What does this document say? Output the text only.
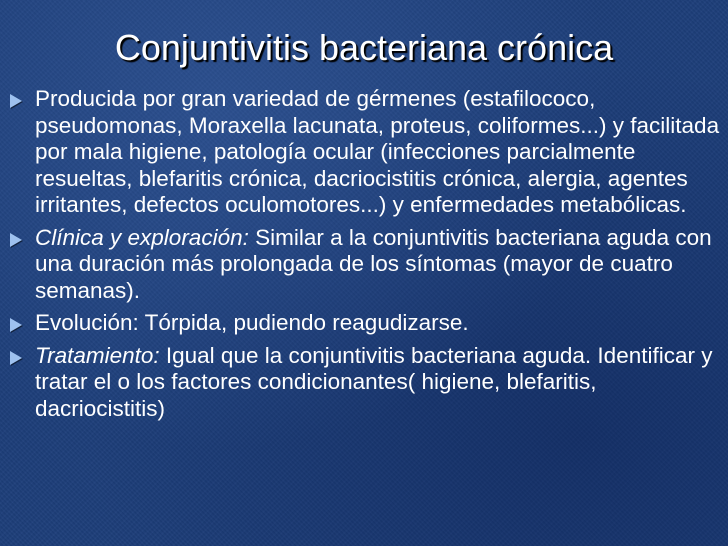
Conjuntivitis bacteriana crónica
Producida por gran variedad de gérmenes (estafilococo, pseudomonas, Moraxella lacunata, proteus, coliformes...) y facilitada por mala higiene, patología ocular (infecciones parcialmente resueltas, blefaritis crónica, dacriocistitis crónica, alergia, agentes irritantes, defectos oculomotores...) y enfermedades metabólicas.
Clínica y exploración: Similar a la conjuntivitis bacteriana aguda con una duración más prolongada de los síntomas (mayor de cuatro semanas).
Evolución: Tórpida, pudiendo reagudizarse.
Tratamiento: Igual que la conjuntivitis bacteriana aguda. Identificar y tratar el o los factores condicionantes( higiene, blefaritis, dacriocistitis)
